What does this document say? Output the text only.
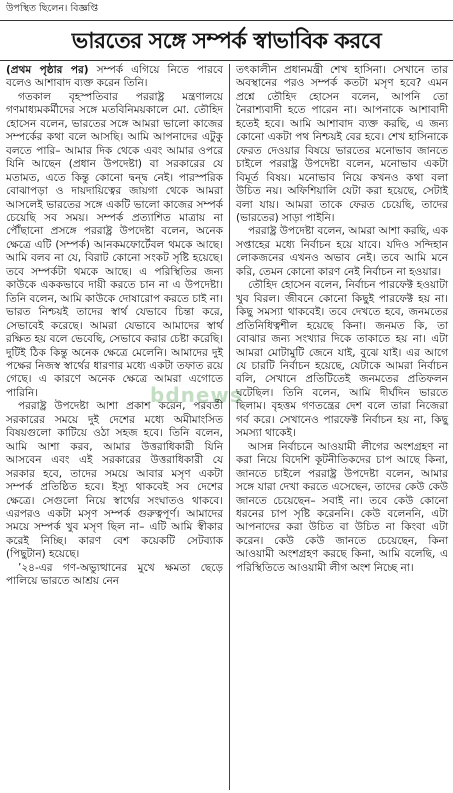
উপস্থিত ছিলেন। বিজ্ঞপ্তি
ভারতের সঙ্গে সম্পর্ক স্বাভাবিক করবে

(প্রথম পৃষ্ঠার পর) সম্পর্ক এগিয়ে নিতে পারবে বলেও আশাবাদ ব্যক্ত করেন তিনি।

গতকাল বৃহস্পতিবার পররাষ্ট্র মন্ত্রণালয়ে গণমাধ্যমকর্মীদের সঙ্গে মতবিনিময়কালে মো. তৌহিদ হোসেন বলেন, ভারতের সঙ্গে আমরা ভালো কাজের সম্পর্কের কথা বলে আসছি। আমি আপনাদের এটুকু বলতে পারি– আমার দিক থেকে এবং আমার ওপরে যিনি আছেন (প্রধান উপদেষ্টা) বা সরকারের যে মতামত, এতে কিন্তু কোনো দ্বন্দ্ব নেই। পারস্পরিক বোঝাপড়া ও দায়দায়িত্বের জায়গা থেকে আমরা আসলেই ভারতের সঙ্গে একটি ভালো কাজের সম্পর্ক চেয়েছি সব সময়। সম্পর্ক প্রত্যাশিত মাত্রায় না পৌঁছানো প্রসঙ্গে পররাষ্ট্র উপদেষ্টা বলেন, অনেক ক্ষেত্রে এটি (সম্পর্ক) আনকমফোর্টেবল থমকে আছে। আমি বলব না যে, বিরাট কোনো সংকট সৃষ্টি হয়েছে। তবে সম্পর্কটা থমকে আছে। এ পরিস্থিতির জন্য কাউকে এককভাবে দায়ী করতে চান না এ উপদেষ্টা। তিনি বলেন, আমি কাউকে দোষারোপ করতে চাই না। ভারত নিশ্চয়ই তাদের স্বার্থ যেভাবে চিন্তা করে, সেভাবেই করেছে। আমরা যেভাবে আমাদের স্বার্থ রক্ষিত হয় বলে ভেবেছি, সেভাবে করার চেষ্টা করেছি। দুটিই ঠিক কিন্তু অনেক ক্ষেত্রে মেলেনি। আমাদের দুই পক্ষের নিজস্ব স্বার্থের ধারণার মধ্যে একটা তফাত রয়ে গেছে। এ কারণে অনেক ক্ষেত্রে আমরা এগোতে পারিনি।

পররাষ্ট্র উপদেষ্টা আশা প্রকাশ করেন, পরবর্তী সরকারের সময়ে দুই দেশের মধ্যে অমীমাংসিত বিষয়গুলো কাটিয়ে ওঠা সহজ হবে। তিনি বলেন, আমি আশা করব, আমার উত্তরাধিকারী যিনি আসবেন এবং এই সরকারের উত্তরাধিকারী যে সরকার হবে, তাদের সময়ে আবার মসৃণ একটা সম্পর্ক প্রতিষ্ঠিত হবে। ইস্যু থাকবেই সব দেশের ক্ষেত্রে। সেগুলো নিয়ে স্বার্থের সংঘাতও থাকবে। এরপরও একটা মসৃণ সম্পর্ক গুরুত্বপূর্ণ। আমাদের সময়ে সম্পর্ক খুব মসৃণ ছিল না– এটি আমি স্বীকার করেই নিচ্ছি। কারণ বেশ কয়েকটি সেটব্যাক (পিছুটান) হয়েছে।

’২৪-এর গণ-অভ্যুত্থানের মুখে ক্ষমতা ছেড়ে পালিয়ে ভারতে আশ্রয় নেন

তৎকালীন প্রধানমন্ত্রী শেখ হাসিনা। সেখানে তার অবস্থানের পরও সম্পর্ক কতটা মসৃণ হবে? এমন প্রশ্নে তৌহিদ হোসেন বলেন, আপনি তো নৈরাশ্যবাদী হতে পারেন না। আপনাকে আশাবাদী হতেই হবে। আমি আশাবাদ ব্যক্ত করছি, এ জন্য কোনো একটা পথ নিশ্চয়ই বের হবে। শেখ হাসিনাকে ফেরত দেওয়ার বিষয়ে ভারতের মনোভাব জানতে চাইলে পররাষ্ট্র উপদেষ্টা বলেন, মনোভাব একটা বিমূর্ত বিষয়। মনোভাব নিয়ে কখনও কথা বলা উচিত নয়। অফিশিয়ালি যেটা করা হয়েছে, সেটাই বলা যায়। আমরা তাকে ফেরত চেয়েছি, তাদের (ভারতের) সাড়া পাইনি।

পররাষ্ট্র উপদেষ্টা বলেন, আমরা আশা করছি, এক সপ্তাহের মধ্যে নির্বাচন হয়ে যাবে। যদিও সন্দিহান লোকজনের এখনও অভাব নেই। তবে আমি মনে করি, তেমন কোনো কারণ নেই নির্বাচন না হওয়ার।

তৌহিদ হোসেন বলেন, নির্বাচন পারফেক্ট হওয়াটা খুব বিরল। জীবনে কোনো কিছুই পারফেক্ট হয় না। কিছু সমস্যা থাকবেই। তবে দেখতে হবে, জনমতের প্রতিনিধিত্বশীল হয়েছে কিনা। জনমত কি, তা বোঝার জন্য সংখ্যার দিকে তাকাতে হয় না। এটা আমরা মোটামুটি জেনে যাই, বুঝে যাই। এর আগে যে চারটি নির্বাচন হয়েছে, যেটাকে আমরা নির্বাচন বলি, সেখানে প্রতিটিতেই জনমতের প্রতিফলন ঘটেছিল। তিনি বলেন, আমি দীর্ঘদিন ভারতে ছিলাম। বৃহত্তম গণতন্ত্রের দেশ বলে তারা নিজেরা গর্ব করে। সেখানেও পারফেক্ট নির্বাচন হয় না, কিছু সমস্যা থাকেই।

আসন্ন নির্বাচনে আওয়ামী লীগের অংশগ্রহণ না করা নিয়ে বিদেশি কূটনীতিকদের চাপ আছে কিনা, জানতে চাইলে পররাষ্ট্র উপদেষ্টা বলেন, আমার সঙ্গে যারা দেখা করতে এসেছেন, তাদের কেউ কেউ জানতে চেয়েছেন– সবাই না। তবে কেউ কোনো ধরনের চাপ সৃষ্টি করেননি। কেউ বলেননি, এটা আপনাদের করা উচিত বা উচিত না কিংবা এটা করেন। কেউ কেউ জানতে চেয়েছেন, কিনা আওয়ামী অংশগ্রহণ করছে কিনা, আমি বলেছি, এ পরিস্থিতিতে আওয়ামী লীগ অংশ নিচ্ছে না।

bdnews
